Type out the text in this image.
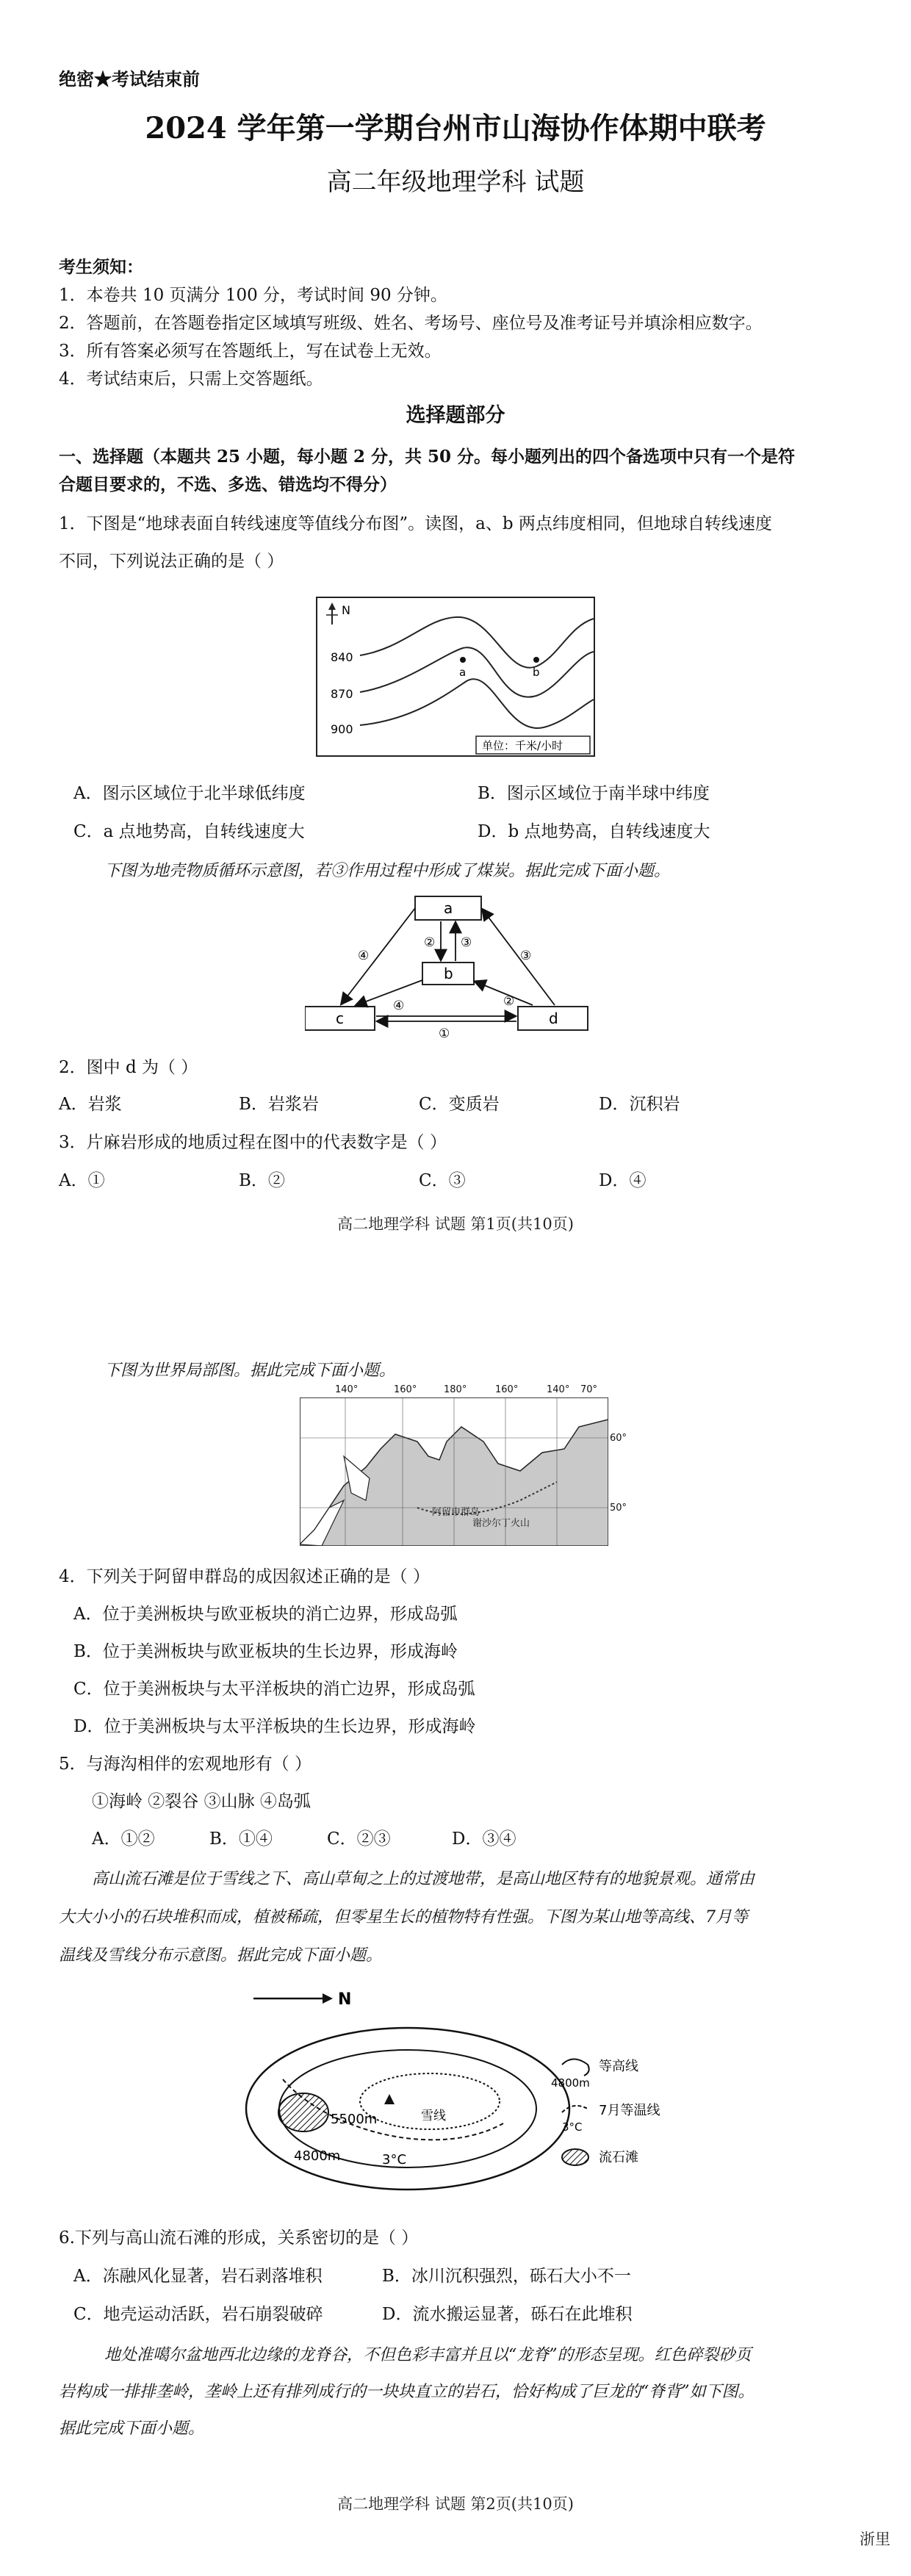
绝密★考试结束前
2024 学年第一学期台州市山海协作体期中联考
高二年级地理学科 试题
考生须知：
1．本卷共 10 页满分 100 分，考试时间 90 分钟。
2．答题前，在答题卷指定区域填写班级、姓名、考场号、座位号及准考证号并填涂相应数字。
3．所有答案必须写在答题纸上，写在试卷上无效。
4．考试结束后，只需上交答题纸。
选择题部分
一、选择题（本题共 25 小题，每小题 2 分，共 50 分。每小题列出的四个备选项中只有一个是符
合题目要求的，不选、多选、错选均不得分）
1．下图是“地球表面自转线速度等值线分布图”。读图，a、b 两点纬度相同，但地球自转线速度
不同，下列说法正确的是（ ）
N
840
870
900
a	b
单位：千米/小时
A．图示区域位于北半球低纬度	B．图示区域位于南半球中纬度
C．a 点地势高，自转线速度大	D．b 点地势高，自转线速度大
下图为地壳物质循环示意图，若③作用过程中形成了煤炭。据此完成下面小题。
a
b
c	d
② ③
④	③
④	②
①
2．图中 d 为（ ）
A．岩浆	B．岩浆岩	C．变质岩	D．沉积岩
3．片麻岩形成的地质过程在图中的代表数字是（ ）
A．①	B．②	C．③	D．④
高二地理学科 试题 第1页(共10页)
下图为世界局部图。据此完成下面小题。
阿留申群岛
谢沙尔丁火山
140°	160°	180°	160°	140° 70°
60°
50°
4．下列关于阿留申群岛的成因叙述正确的是（ ）
A．位于美洲板块与欧亚板块的消亡边界，形成岛弧
B．位于美洲板块与欧亚板块的生长边界，形成海岭
C．位于美洲板块与太平洋板块的消亡边界，形成岛弧
D．位于美洲板块与太平洋板块的生长边界，形成海岭
5．与海沟相伴的宏观地形有（ ）
①海岭 ②裂谷 ③山脉 ④岛弧
A．①②	B．①④	C．②③	D．③④
高山流石滩是位于雪线之下、高山草甸之上的过渡地带，是高山地区特有的地貌景观。通常由
大大小小的石块堆积而成，植被稀疏，但零星生长的植物特有性强。下图为某山地等高线、7月等
温线及雪线分布示意图。据此完成下面小题。
N
5500m
4800m	3°C
雪线
4800m
等高线
3°C
7月等温线
流石滩
6.下列与高山流石滩的形成，关系密切的是（ ）
A．冻融风化显著，岩石剥落堆积	B．冰川沉积强烈，砾石大小不一
C．地壳运动活跃，岩石崩裂破碎	D．流水搬运显著，砾石在此堆积
地处准噶尔盆地西北边缘的龙脊谷，不但色彩丰富并且以“龙脊”的形态呈现。红色碎裂砂页
岩构成一排排垄岭，垄岭上还有排列成行的一块块直立的岩石，恰好构成了巨龙的“脊背”如下图。
据此完成下面小题。
高二地理学科 试题 第2页(共10页)
浙里
